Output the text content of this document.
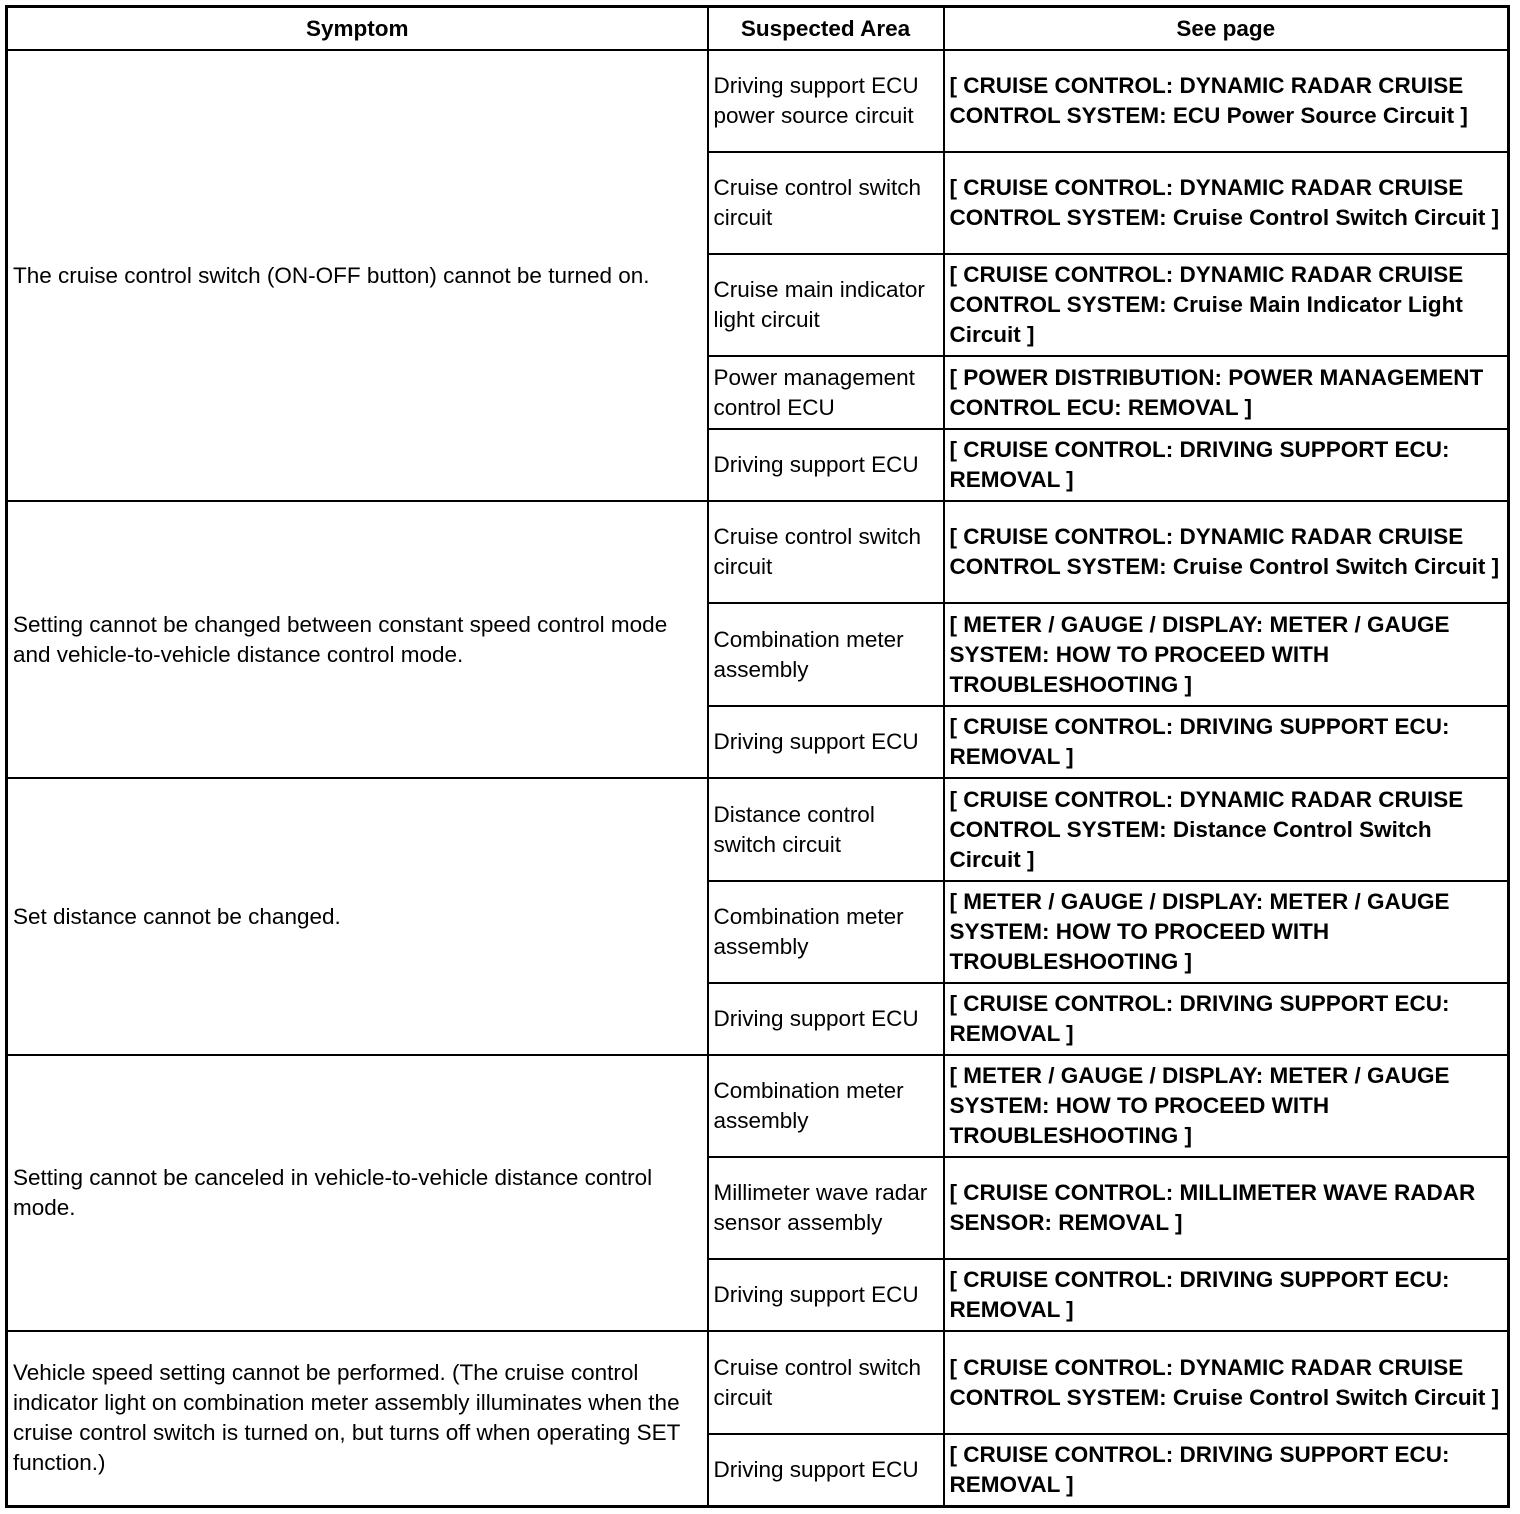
Symptom	Suspected Area	See page
The cruise control switch (ON-OFF button) cannot be turned on.	Driving support ECU power source circuit	[ CRUISE CONTROL: DYNAMIC RADAR CRUISE CONTROL SYSTEM: ECU Power Source Circuit ]
	Cruise control switch circuit	[ CRUISE CONTROL: DYNAMIC RADAR CRUISE CONTROL SYSTEM: Cruise Control Switch Circuit ]
	Cruise main indicator light circuit	[ CRUISE CONTROL: DYNAMIC RADAR CRUISE CONTROL SYSTEM: Cruise Main Indicator Light Circuit ]
	Power management control ECU	[ POWER DISTRIBUTION: POWER MANAGEMENT CONTROL ECU: REMOVAL ]
	Driving support ECU	[ CRUISE CONTROL: DRIVING SUPPORT ECU: REMOVAL ]
Setting cannot be changed between constant speed control mode and vehicle-to-vehicle distance control mode.	Cruise control switch circuit	[ CRUISE CONTROL: DYNAMIC RADAR CRUISE CONTROL SYSTEM: Cruise Control Switch Circuit ]
	Combination meter assembly	[ METER / GAUGE / DISPLAY: METER / GAUGE SYSTEM: HOW TO PROCEED WITH TROUBLESHOOTING ]
	Driving support ECU	[ CRUISE CONTROL: DRIVING SUPPORT ECU: REMOVAL ]
Set distance cannot be changed.	Distance control switch circuit	[ CRUISE CONTROL: DYNAMIC RADAR CRUISE CONTROL SYSTEM: Distance Control Switch Circuit ]
	Combination meter assembly	[ METER / GAUGE / DISPLAY: METER / GAUGE SYSTEM: HOW TO PROCEED WITH TROUBLESHOOTING ]
	Driving support ECU	[ CRUISE CONTROL: DRIVING SUPPORT ECU: REMOVAL ]
Setting cannot be canceled in vehicle-to-vehicle distance control mode.	Combination meter assembly	[ METER / GAUGE / DISPLAY: METER / GAUGE SYSTEM: HOW TO PROCEED WITH TROUBLESHOOTING ]
	Millimeter wave radar sensor assembly	[ CRUISE CONTROL: MILLIMETER WAVE RADAR SENSOR: REMOVAL ]
	Driving support ECU	[ CRUISE CONTROL: DRIVING SUPPORT ECU: REMOVAL ]
Vehicle speed setting cannot be performed. (The cruise control indicator light on combination meter assembly illuminates when the cruise control switch is turned on, but turns off when operating SET function.)	Cruise control switch circuit	[ CRUISE CONTROL: DYNAMIC RADAR CRUISE CONTROL SYSTEM: Cruise Control Switch Circuit ]
	Driving support ECU	[ CRUISE CONTROL: DRIVING SUPPORT ECU: REMOVAL ]
